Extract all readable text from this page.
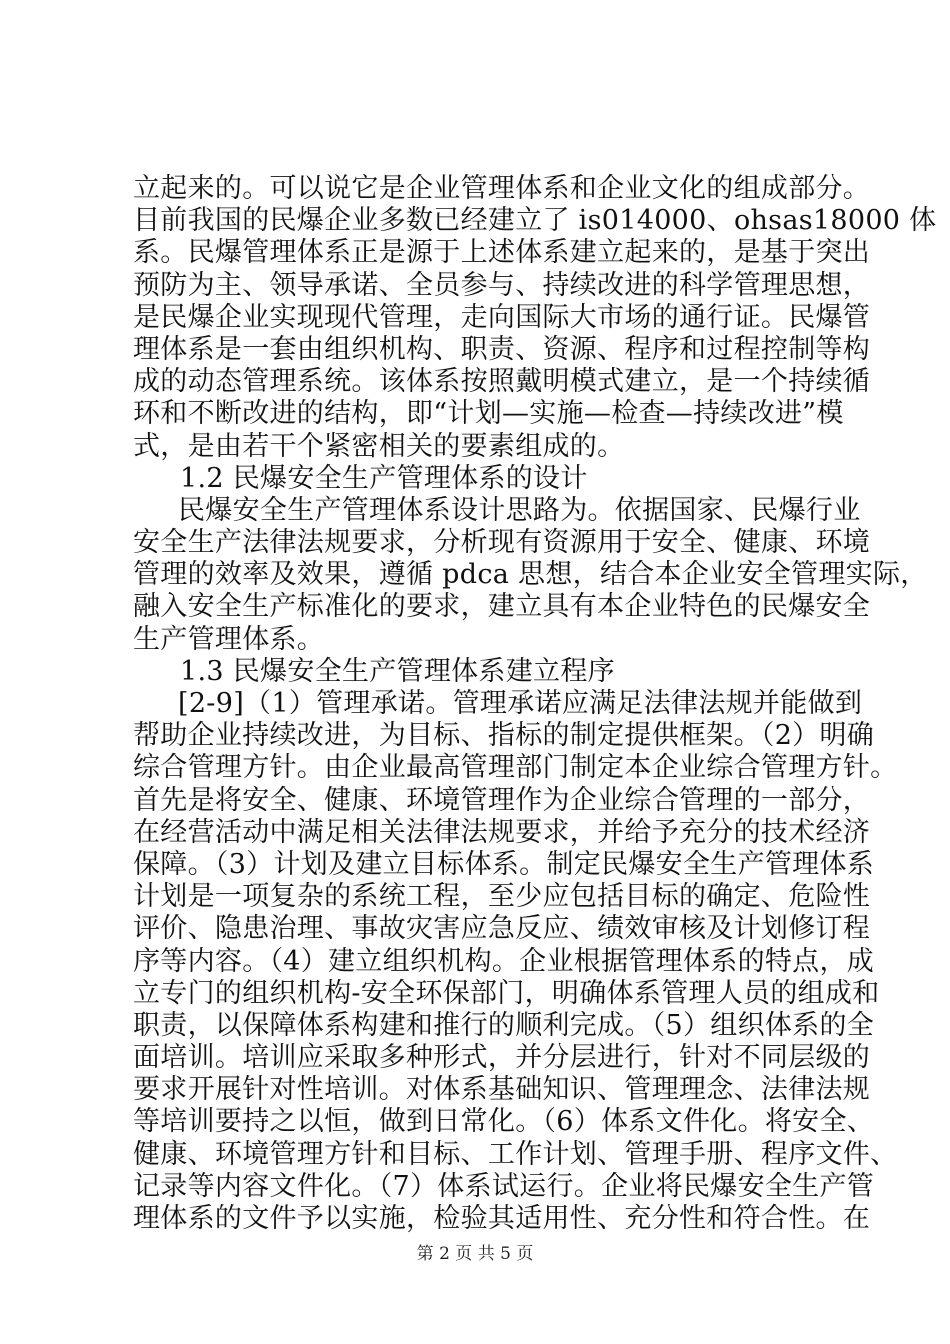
立起来的。可以说它是企业管理体系和企业文化的组成部分。
目前我国的民爆企业多数已经建立了 is014000、ohsas18000 体
系。民爆管理体系正是源于上述体系建立起来的，是基于突出
预防为主、领导承诺、全员参与、持续改进的科学管理思想，
是民爆企业实现现代管理，走向国际大市场的通行证。民爆管
理体系是一套由组织机构、职责、资源、程序和过程控制等构
成的动态管理系统。该体系按照戴明模式建立，是一个持续循
环和不断改进的结构，即“计划—实施—检查—持续改进”模
式，是由若干个紧密相关的要素组成的。
1.2 民爆安全生产管理体系的设计
民爆安全生产管理体系设计思路为。依据国家、民爆行业
安全生产法律法规要求，分析现有资源用于安全、健康、环境
管理的效率及效果，遵循 pdca 思想，结合本企业安全管理实际，
融入安全生产标准化的要求，建立具有本企业特色的民爆安全
生产管理体系。
1.3 民爆安全生产管理体系建立程序
[2-9]（1）管理承诺。管理承诺应满足法律法规并能做到
帮助企业持续改进，为目标、指标的制定提供框架。（2）明确
综合管理方针。由企业最高管理部门制定本企业综合管理方针。
首先是将安全、健康、环境管理作为企业综合管理的一部分，
在经营活动中满足相关法律法规要求，并给予充分的技术经济
保障。（3）计划及建立目标体系。制定民爆安全生产管理体系
计划是一项复杂的系统工程，至少应包括目标的确定、危险性
评价、隐患治理、事故灾害应急反应、绩效审核及计划修订程
序等内容。（4）建立组织机构。企业根据管理体系的特点，成
立专门的组织机构-安全环保部门，明确体系管理人员的组成和
职责，以保障体系构建和推行的顺利完成。（5）组织体系的全
面培训。培训应采取多种形式，并分层进行，针对不同层级的
要求开展针对性培训。对体系基础知识、管理理念、法律法规
等培训要持之以恒，做到日常化。（6）体系文件化。将安全、
健康、环境管理方针和目标、工作计划、管理手册、程序文件、
记录等内容文件化。（7）体系试运行。企业将民爆安全生产管
理体系的文件予以实施，检验其适用性、充分性和符合性。在
第 2 页 共 5 页
